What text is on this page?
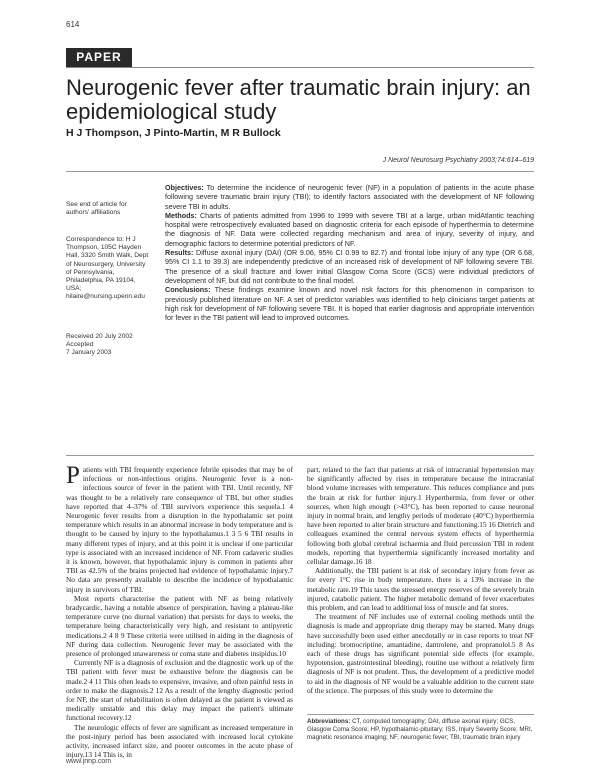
614
PAPER
Neurogenic fever after traumatic brain injury: an epidemiological study
H J Thompson, J Pinto-Martin, M R Bullock
J Neurol Neurosurg Psychiatry 2003;74:614–619
See end of article for authors' affiliations
Correspondence to: H J Thompson, 105C Hayden Hall, 3320 Smith Walk, Dept of Neurosurgery, University of Pennsylvania, Philadelphia, PA 19104, USA; hilaire@nursing.upenn.edu
Received 20 July 2002
Accepted
7 January 2003

Objectives: To determine the incidence of neurogenic fever (NF) in a population of patients in the acute phase following severe traumatic brain injury (TBI); to identify factors associated with the development of NF following severe TBI in adults.

Methods: Charts of patients admitted from 1996 to 1999 with severe TBI at a large, urban midAtlantic teaching hospital were retrospectively evaluated based on diagnostic criteria for each episode of hyperthermia to determine the diagnosis of NF. Data were collected regarding mechanism and area of injury, severity of injury, and demographic factors to determine potential predictors of NF.

Results: Diffuse axonal injury (DAI) (OR 9.06, 95% CI 0.99 to 82.7) and frontal lobe injury of any type (OR 6.68, 95% CI 1.1 to 39.3) are independently predictive of an increased risk of development of NF following severe TBI. The presence of a skull fracture and lower initial Glasgow Coma Score (GCS) were individual predictors of development of NF, but did not contribute to the final model.

Conclusions: These findings examine known and novel risk factors for this phenomenon in comparison to previously published literature on NF. A set of predictor variables was identified to help clinicians target patients at high risk for development of NF following severe TBI. It is hoped that earlier diagnosis and appropriate intervention for fever in the TBI patient will lead to improved outcomes.

Patients with TBI frequently experience febrile episodes that may be of infectious or non-infectious origins. Neurogenic fever is a non-infectious source of fever in the patient with TBI. Until recently, NF was thought to be a relatively rare consequence of TBI, but other studies have reported that 4–37% of TBI survivors experience this sequela.1 4 Neurogenic fever results from a disruption in the hypothalamic set point temperature which results in an abnormal increase in body temperature and is thought to be caused by injury to the hypothalamus.1 3 5 6 TBI results in many different types of injury, and at this point it is unclear if one particular type is associated with an increased incidence of NF. From cadaveric studies it is known, however, that hypothalamic injury is common in patients after TBI as 42.5% of the brains projected had evidence of hypothalamic injury.7 No data are presently available to describe the incidence of hypothalamic injury in survivors of TBI.

Most reports characterise the patient with NF as being relatively bradycardic, having a notable absence of perspiration, having a plateau-like temperature curve (no diurnal variation) that persists for days to weeks, the temperature being characteristically very high, and resistant to antipyretic medications.2 4 8 9 These criteria were utilised in aiding in the diagnosis of NF during data collection. Neurogenic fever may be associated with the presence of prolonged unawareness or coma state and diabetes insipidus.10

Currently NF is a diagnosis of exclusion and the diagnostic work up of the TBI patient with fever must be exhaustive before the diagnosis can be made.2 4 11 This often leads to expensive, invasive, and often painful tests in order to make the diagnosis.2 12 As a result of the lengthy diagnostic period for NF, the start of rehabilitation is often delayed as the patient is viewed as medically unstable and this delay may impact the patient's ultimate functional recovery.12

The neurologic effects of fever are significant as increased temperature in the post-injury period has been associated with increased local cytokine activity, increased infarct size, and poorer outcomes in the acute phase of injury.13 14 This is, in

part, related to the fact that patients at risk of intracranial hypertension may be significantly affected by rises in temperature because the intracranial blood volume increases with temperature. This reduces compliance and puts the brain at risk for further injury.1 Hyperthermia, from fever or other sources, when high enough (>43°C), has been reported to cause neuronal injury in normal brain, and lengthy periods of moderate (40°C) hyperthermia have been reported to alter brain structure and functioning.15 16 Dietrich and colleagues examined the central nervous system effects of hyperthermia following both global cerebral ischaemia and fluid percussion TBI in rodent models, reporting that hyperthermia significantly increased mortality and cellular damage.16 18

Additionally, the TBI patient is at risk of secondary injury from fever as for every 1°C rise in body temperature, there is a 13% increase in the metabolic rate.19 This taxes the stressed energy reserves of the severely brain injured, catabolic patient. The higher metabolic demand of fever exacerbates this problem, and can lead to additional loss of muscle and fat stores.

The treatment of NF includes use of external cooling methods until the diagnosis is made and appropriate drug therapy may be started. Many drugs have successfully been used either anecdotally or in case reports to treat NF including: bromocriptine, amantadine, dantrolene, and propranolol.5 8 As each of these drugs has significant potential side effects (for example, hypotension, gastrointestinal bleeding), routine use without a relatively firm diagnosis of NF is not prudent. Thus, the development of a predictive model to aid in the diagnosis of NF would be a valuable addition to the current state of the science. The purposes of this study were to determine the

Abbreviations: CT, computed tomography; DAI, diffuse axonal injury; GCS, Glasgow Coma Score; HP, hypothalamic-pituitary; ISS, Injury Severity Score; MRI, magnetic resonance imaging; NF, neurogenic fever; TBI, traumatic brain injury
www.jnnp.com
